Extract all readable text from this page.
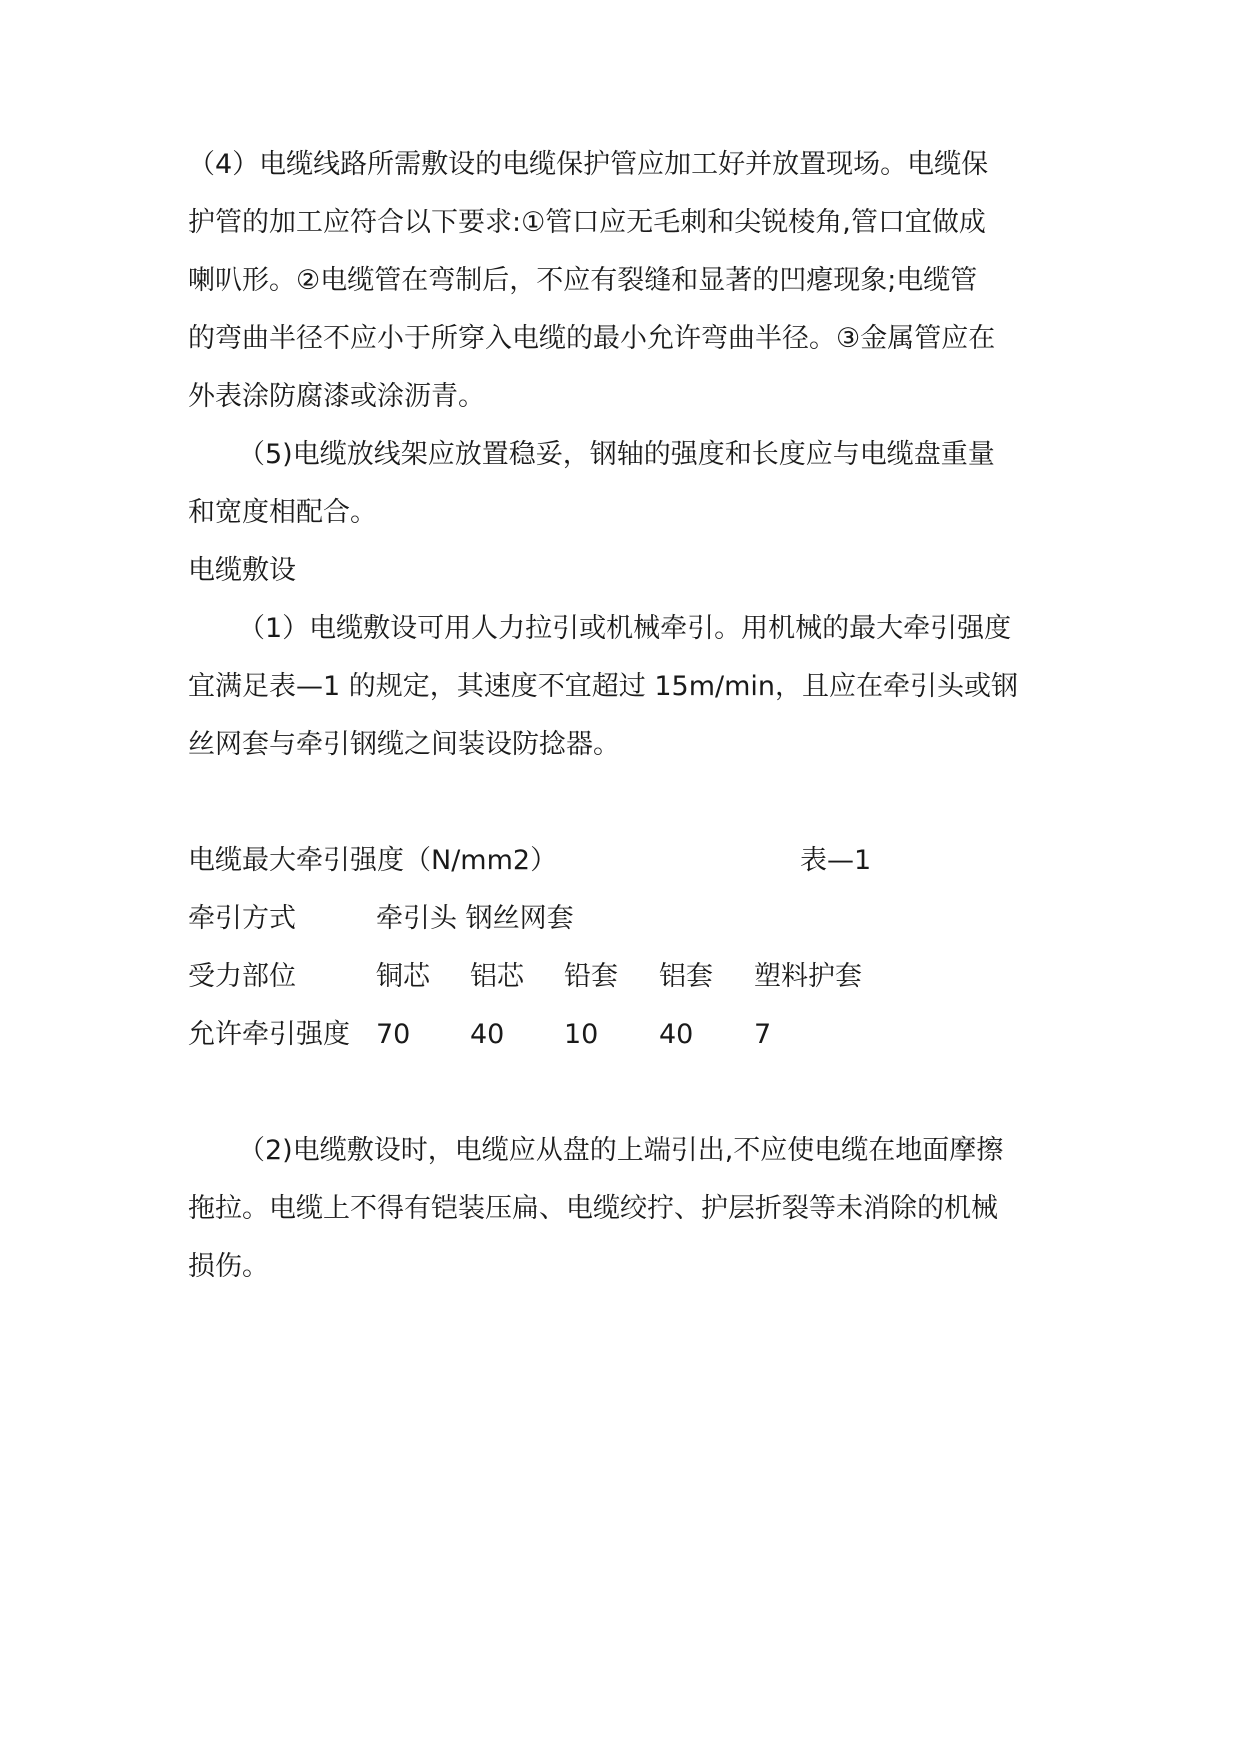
（4）电缆线路所需敷设的电缆保护管应加工好并放置现场。电缆保
护管的加工应符合以下要求:①管口应无毛刺和尖锐棱角,管口宜做成
喇叭形。②电缆管在弯制后，不应有裂缝和显著的凹瘪现象;电缆管
的弯曲半径不应小于所穿入电缆的最小允许弯曲半径。③金属管应在
外表涂防腐漆或涂沥青。
（5)电缆放线架应放置稳妥，钢轴的强度和长度应与电缆盘重量
和宽度相配合。
电缆敷设
（1）电缆敷设可用人力拉引或机械牵引。用机械的最大牵引强度
宜满足表—1 的规定，其速度不宜超过 15m/min，且应在牵引头或钢
丝网套与牵引钢缆之间装设防捻器。
电缆最大牵引强度（N/mm2）	表—1
牵引方式	牵引头 钢丝网套
受力部位	铜芯 铝芯 铅套 铝套 塑料护套
允许牵引强度 70 40 10 40 7
（2)电缆敷设时，电缆应从盘的上端引出,不应使电缆在地面摩擦
拖拉。电缆上不得有铠装压扁、电缆绞拧、护层折裂等未消除的机械
损伤。
